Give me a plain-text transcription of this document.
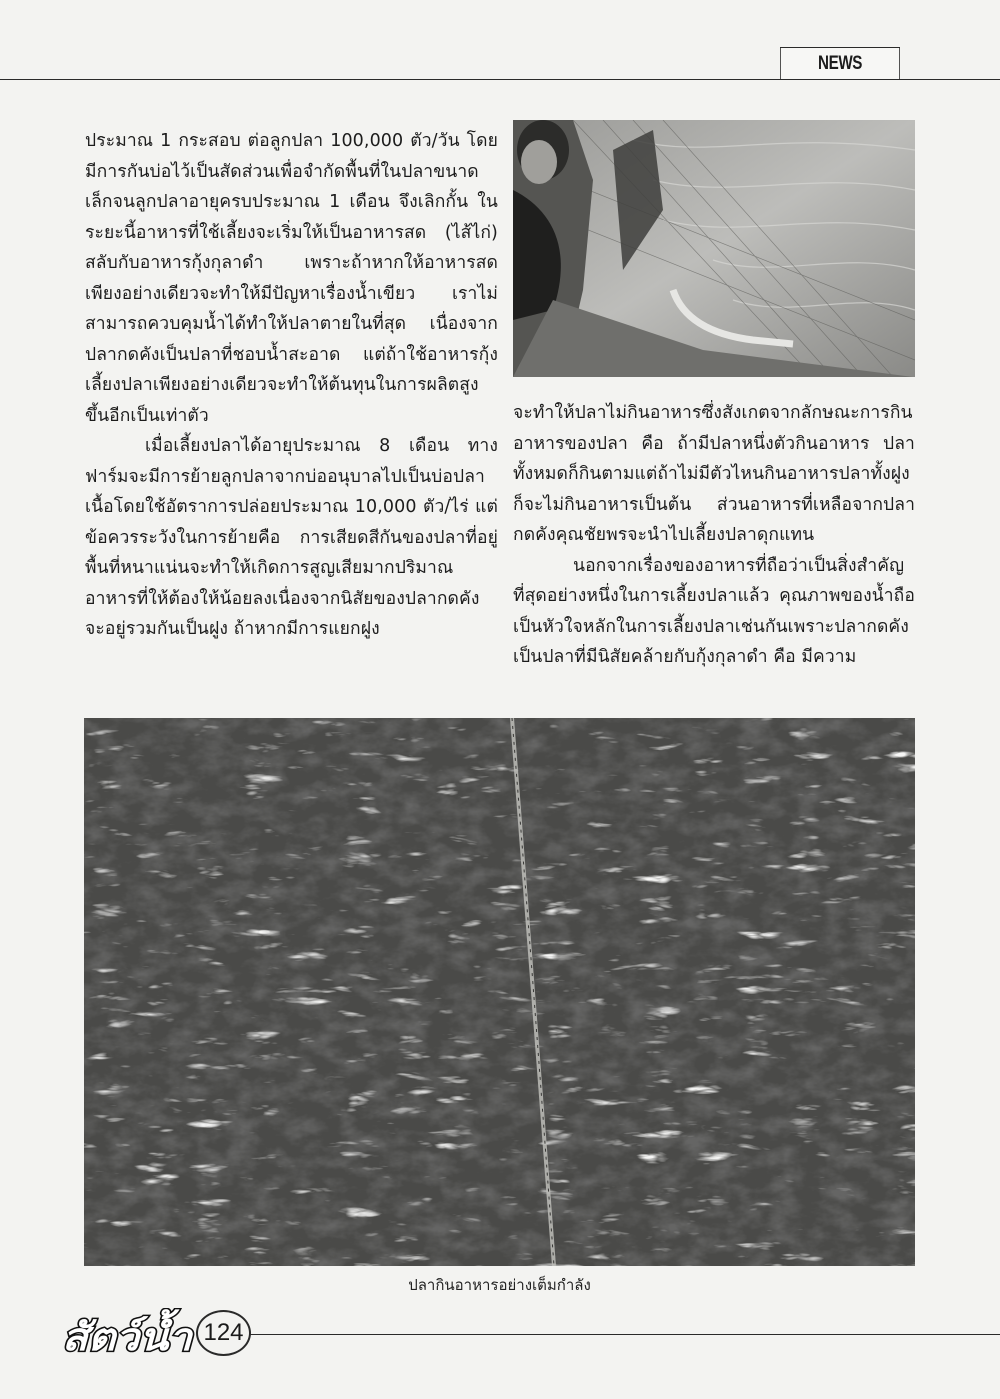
NEWS

ประมาณ 1 กระสอบ ต่อลูกปลา 100,000 ตัว/วัน โดยมีการกันบ่อไว้เป็นสัดส่วนเพื่อจำกัดพื้นที่ในปลาขนาดเล็กจนลูกปลาอายุครบประมาณ 1 เดือน จึงเลิกกั้น ในระยะนี้อาหารที่ใช้เลี้ยงจะเริ่มให้เป็นอาหารสด (ไส้ไก่) สลับกับอาหารกุ้งกุลาดำ เพราะถ้าหากให้อาหารสดเพียงอย่างเดียวจะทำให้มีปัญหาเรื่องน้ำเขียว เราไม่สามารถควบคุมน้ำได้ทำให้ปลาตายในที่สุด เนื่องจากปลากดคังเป็นปลาที่ชอบน้ำสะอาด แต่ถ้าใช้อาหารกุ้งเลี้ยงปลาเพียงอย่างเดียวจะทำให้ต้นทุนในการผลิตสูงขึ้นอีกเป็นเท่าตัว

เมื่อเลี้ยงปลาได้อายุประมาณ 8 เดือน ทางฟาร์มจะมีการย้ายลูกปลาจากบ่ออนุบาลไปเป็นบ่อปลาเนื้อโดยใช้อัตราการปล่อยประมาณ 10,000 ตัว/ไร่ แต่ข้อควรระวังในการย้ายคือ การเสียดสีกันของปลาที่อยู่พื้นที่หนาแน่นจะทำให้เกิดการสูญเสียมากปริมาณอาหารที่ให้ต้องให้น้อยลงเนื่องจากนิสัยของปลากดคังจะอยู่รวมกันเป็นฝูง ถ้าหากมีการแยกฝูง

จะทำให้ปลาไม่กินอาหารซึ่งสังเกตจากลักษณะการกินอาหารของปลา คือ ถ้ามีปลาหนึ่งตัวกินอาหาร ปลาทั้งหมดก็กินตามแต่ถ้าไม่มีตัวไหนกินอาหารปลาทั้งฝูงก็จะไม่กินอาหารเป็นต้น ส่วนอาหารที่เหลือจากปลากดคังคุณชัยพรจะนำไปเลี้ยงปลาดุกแทน

นอกจากเรื่องของอาหารที่ถือว่าเป็นสิ่งสำคัญที่สุดอย่างหนึ่งในการเลี้ยงปลาแล้ว คุณภาพของน้ำถือเป็นหัวใจหลักในการเลี้ยงปลาเช่นกันเพราะปลากดคังเป็นปลาที่มีนิสัยคล้ายกับกุ้งกุลาดำ คือ มีความ

ปลากินอาหารอย่างเต็มกำลัง
สัตว์น้ำ	124
